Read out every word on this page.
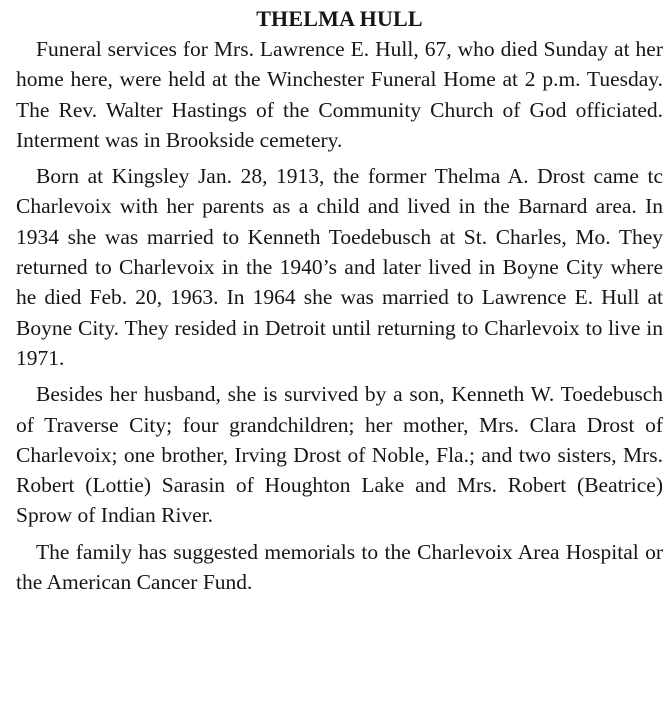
THELMA HULL

Funeral services for Mrs. Lawrence E. Hull, 67, who died Sunday at her home here, were held at the Winchester Funeral Home at 2 p.m. Tuesday. The Rev. Walter Hastings of the Community Church of God officiated. Interment was in Brookside cemetery.

Born at Kingsley Jan. 28, 1913, the former Thelma A. Drost came tc Charlevoix with her parents as a child and lived in the Barnard area. In 1934 she was married to Kenneth Toedebusch at St. Charles, Mo. They returned to Charlevoix in the 1940’s and later lived in Boyne City where he died Feb. 20, 1963. In 1964 she was married to Lawrence E. Hull at Boyne City. They resided in Detroit until returning to Charlevoix to live in 1971.

Besides her husband, she is survived by a son, Kenneth W. Toedebusch of Traverse City; four grandchildren; her mother, Mrs. Clara Drost of Charlevoix; one brother, Irving Drost of Noble, Fla.; and two sisters, Mrs. Robert (Lottie) Sarasin of Houghton Lake and Mrs. Robert (Beatrice) Sprow of Indian River.

The family has suggested memorials to the Charlevoix Area Hospital or the American Cancer Fund.
